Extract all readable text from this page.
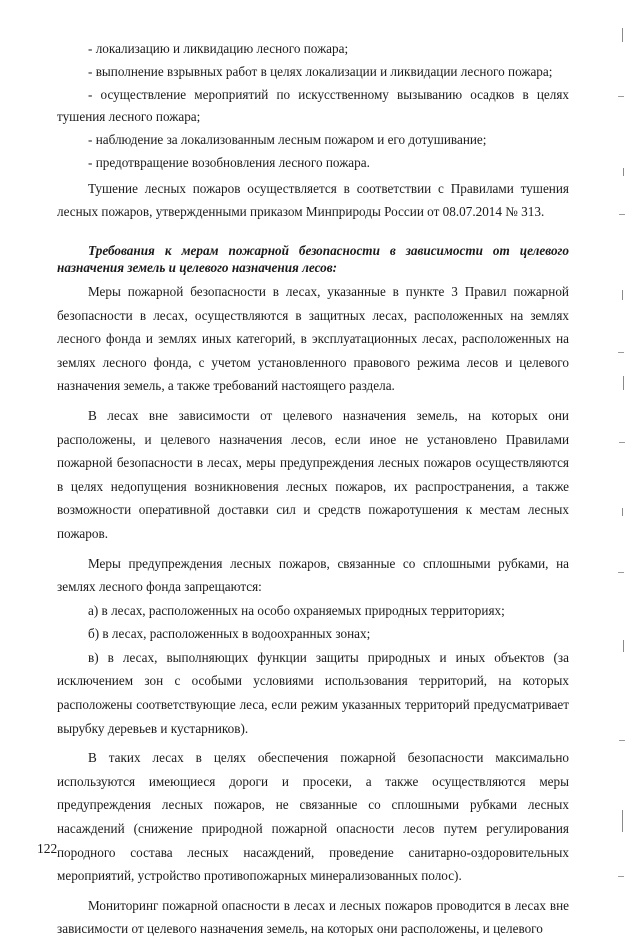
- локализацию и ликвидацию лесного пожара;

- выполнение взрывных работ в целях локализации и ликвидации лесного пожара;

- осуществление мероприятий по искусственному вызыванию осадков в целях тушения лесного пожара;

- наблюдение за локализованным лесным пожаром и его дотушивание;

- предотвращение возобновления лесного пожара.

Тушение лесных пожаров осуществляется в соответствии с Правилами тушения лесных пожаров, утвержденными приказом Минприроды России от 08.07.2014 № 313.

Требования к мерам пожарной безопасности в зависимости от целевого назначения земель и целевого назначения лесов:

Меры пожарной безопасности в лесах, указанные в пункте 3 Правил пожарной безопасности в лесах, осуществляются в защитных лесах, расположенных на землях лесного фонда и землях иных категорий, в эксплуатационных лесах, расположенных на землях лесного фонда, с учетом установленного правового режима лесов и целевого назначения земель, а также требований настоящего раздела.

В лесах вне зависимости от целевого назначения земель, на которых они расположены, и целевого назначения лесов, если иное не установлено Правилами пожарной безопасности в лесах, меры предупреждения лесных пожаров осуществляются в целях недопущения возникновения лесных пожаров, их распространения, а также возможности оперативной доставки сил и средств пожаротушения к местам лесных пожаров.

Меры предупреждения лесных пожаров, связанные со сплошными рубками, на землях лесного фонда запрещаются:

а) в лесах, расположенных на особо охраняемых природных территориях;

б) в лесах, расположенных в водоохранных зонах;

в) в лесах, выполняющих функции защиты природных и иных объектов (за исключением зон с особыми условиями использования территорий, на которых расположены соответствующие леса, если режим указанных территорий предусматривает вырубку деревьев и кустарников).

В таких лесах в целях обеспечения пожарной безопасности максимально используются имеющиеся дороги и просеки, а также осуществляются меры предупреждения лесных пожаров, не связанные со сплошными рубками лесных насаждений (снижение природной пожарной опасности лесов путем регулирования породного состава лесных насаждений, проведение санитарно-оздоровительных мероприятий, устройство противопожарных минерализованных полос).

Мониторинг пожарной опасности в лесах и лесных пожаров проводится в лесах вне зависимости от целевого назначения земель, на которых они расположены, и целевого

122
